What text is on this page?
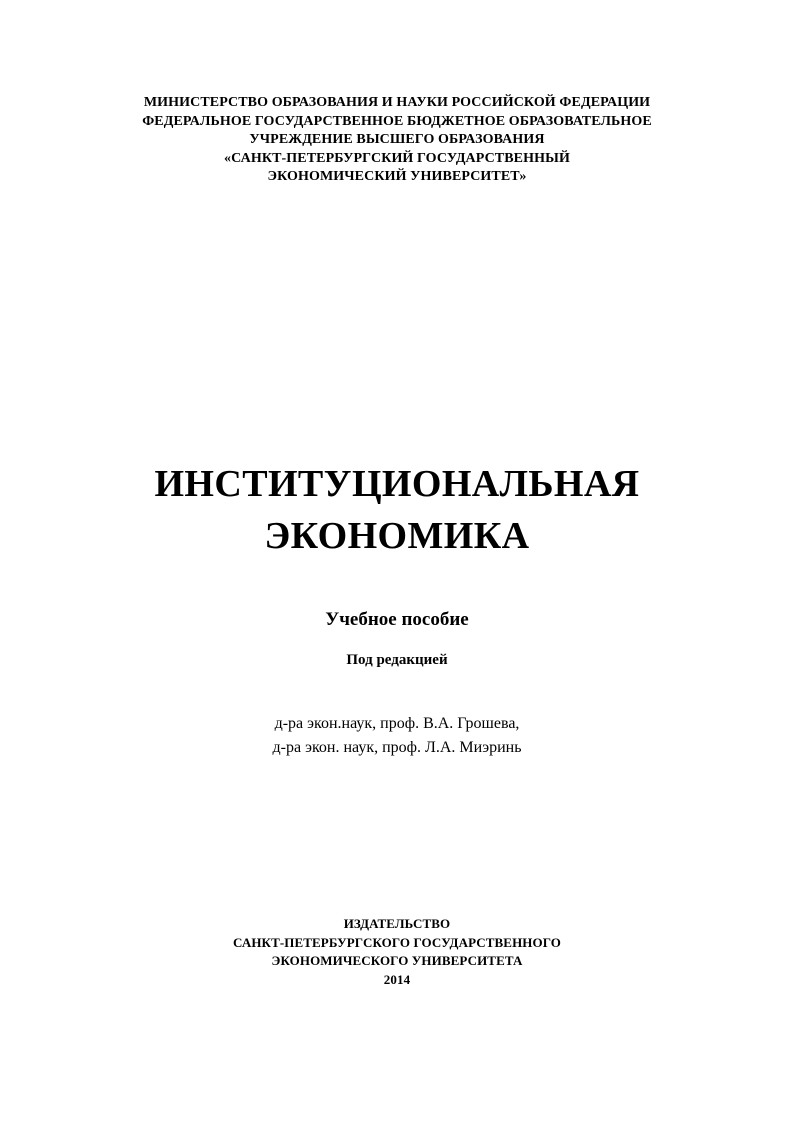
МИНИСТЕРСТВО ОБРАЗОВАНИЯ И НАУКИ РОССИЙСКОЙ ФЕДЕРАЦИИ
ФЕДЕРАЛЬНОЕ ГОСУДАРСТВЕННОЕ БЮДЖЕТНОЕ ОБРАЗОВАТЕЛЬНОЕ
УЧРЕЖДЕНИЕ ВЫСШЕГО ОБРАЗОВАНИЯ
«САНКТ-ПЕТЕРБУРГСКИЙ ГОСУДАРСТВЕННЫЙ
ЭКОНОМИЧЕСКИЙ УНИВЕРСИТЕТ»
ИНСТИТУЦИОНАЛЬНАЯ
ЭКОНОМИКА
Учебное пособие
Под редакцией
д-ра экон.наук, проф. В.А. Грошева,
д-ра экон. наук, проф. Л.А. Миэринь
ИЗДАТЕЛЬСТВО
САНКТ-ПЕТЕРБУРГСКОГО ГОСУДАРСТВЕННОГО
ЭКОНОМИЧЕСКОГО УНИВЕРСИТЕТА
2014
